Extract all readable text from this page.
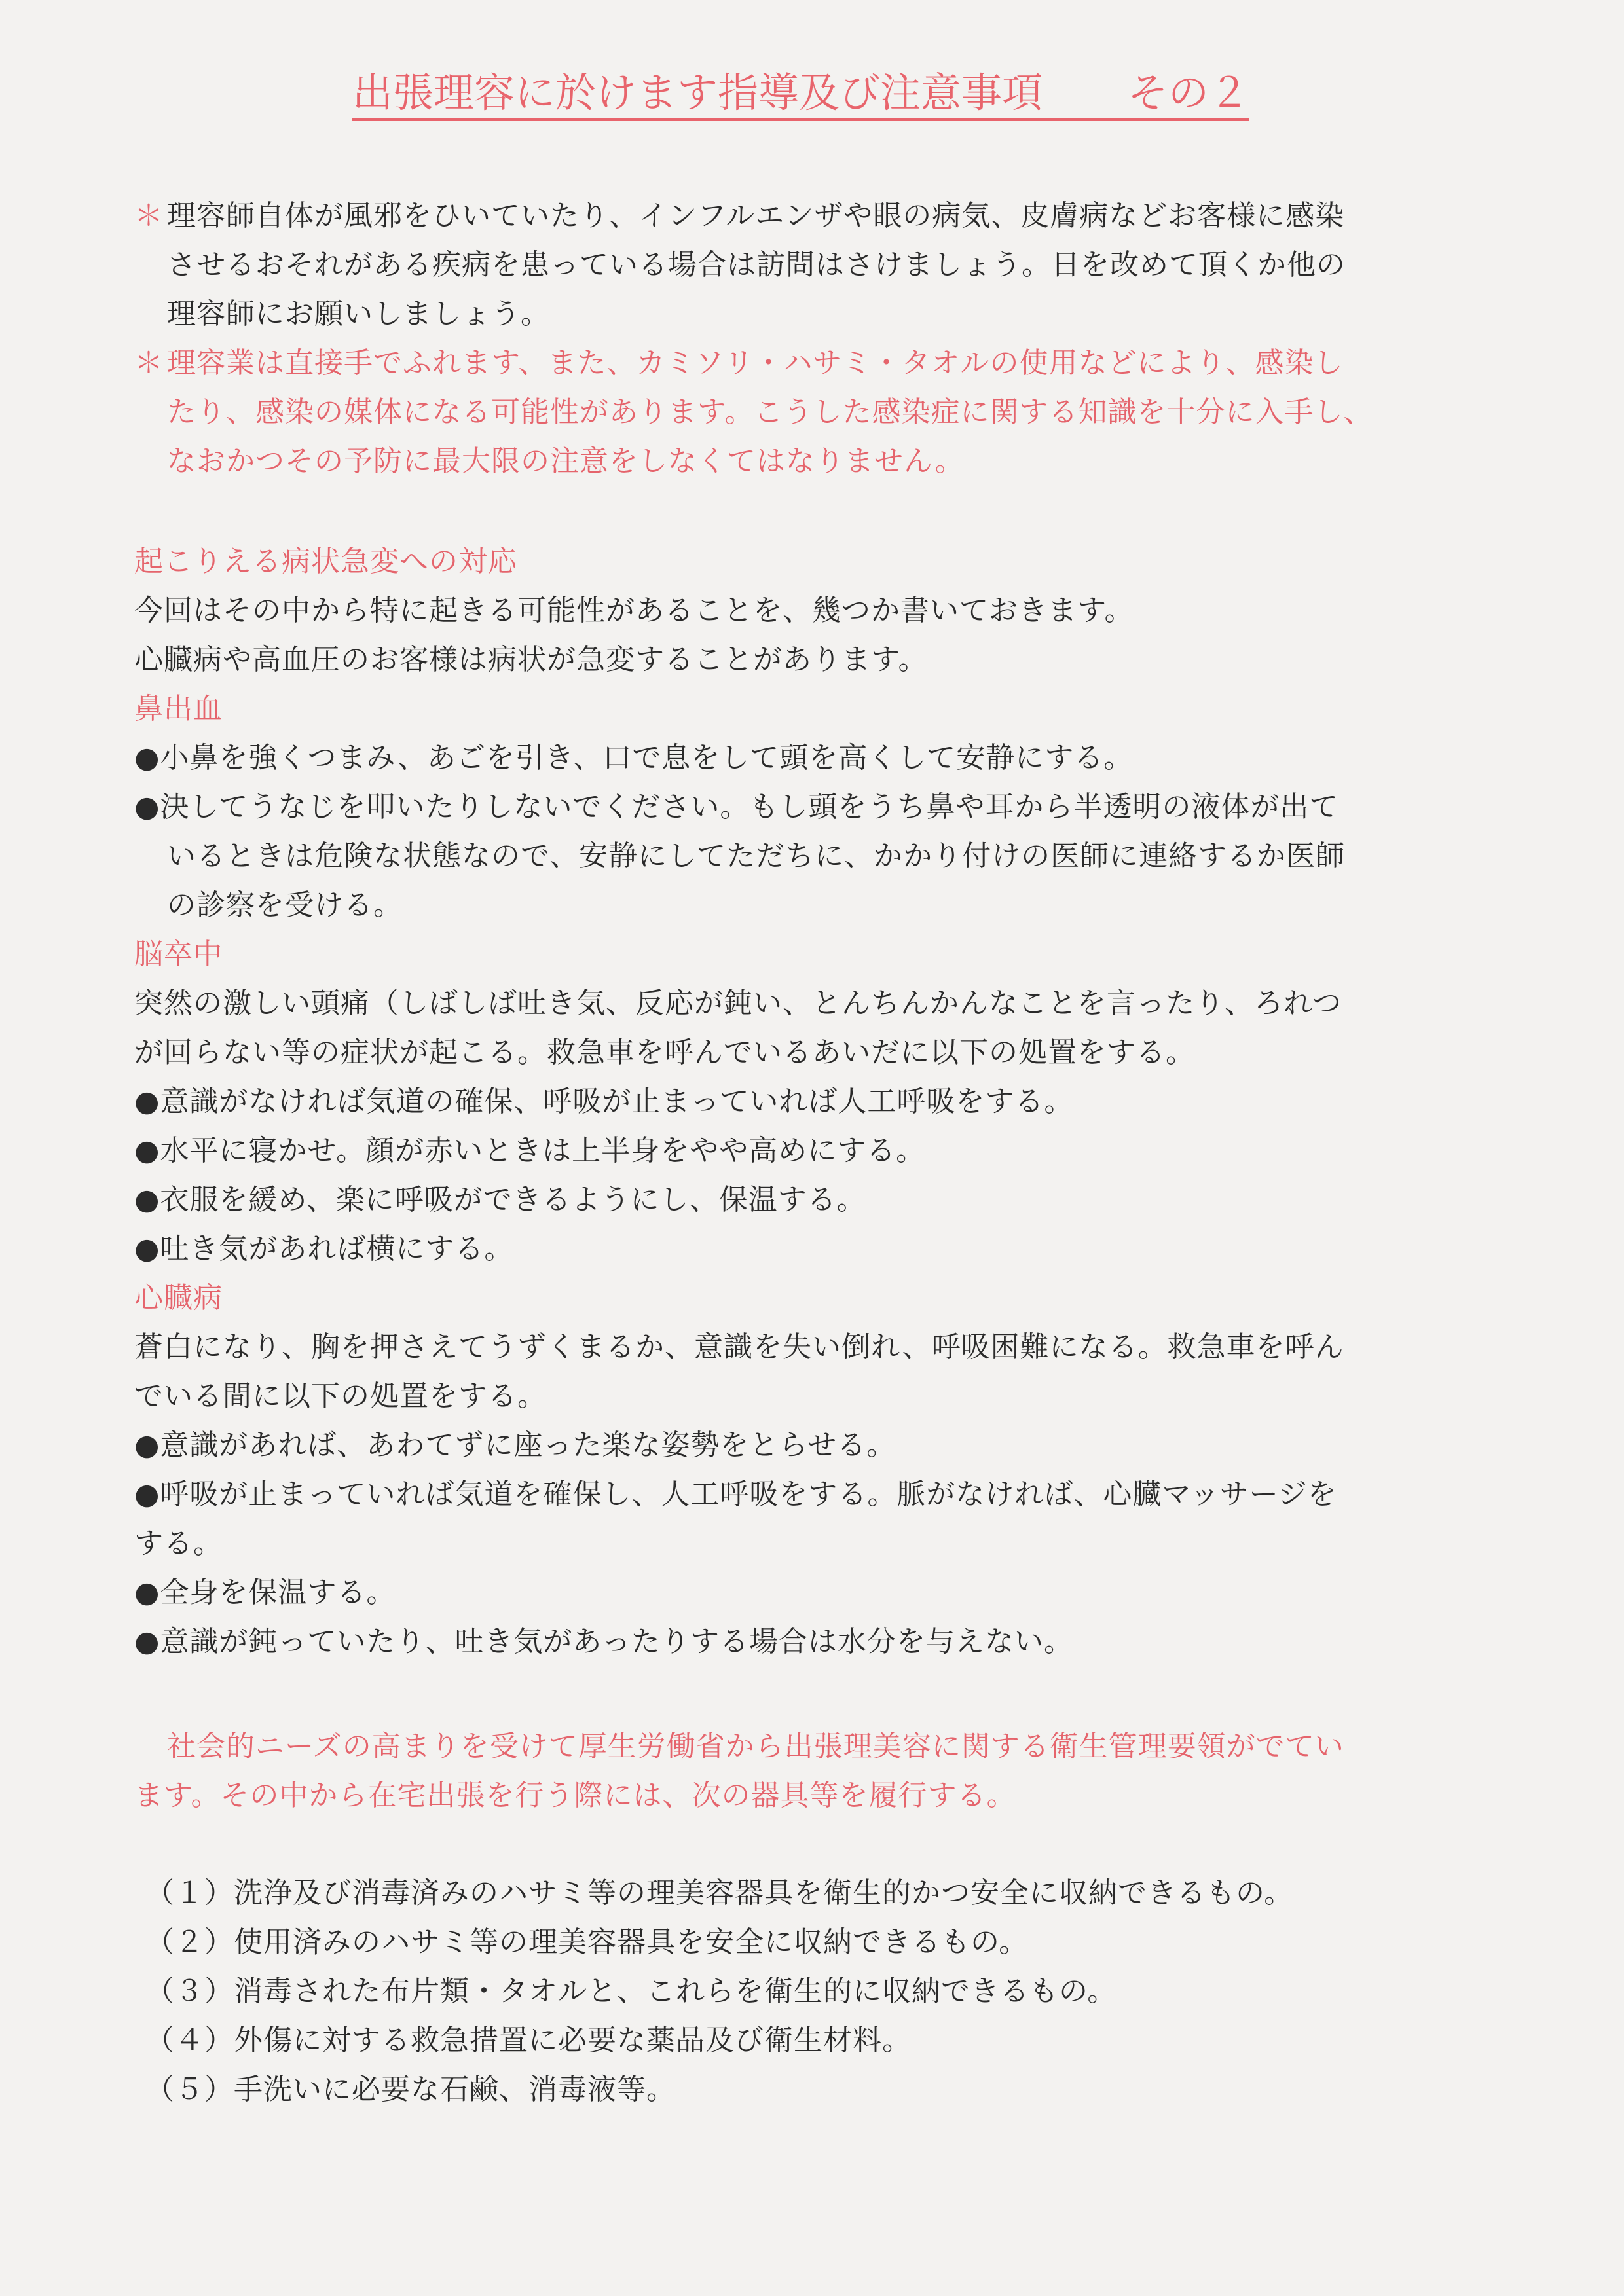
出張理容に於けます指導及び注意事項 その２
＊ 理容師自体が風邪をひいていたり、インフルエンザや眼の病気、皮膚病などお客様に感染
させるおそれがある疾病を患っている場合は訪問はさけましょう。日を改めて頂くか他の
理容師にお願いしましょう。
＊ 理容業は直接手でふれます、また、カミソリ・ハサミ・タオルの使用などにより、感染し
たり、感染の媒体になる可能性があります。こうした感染症に関する知識を十分に入手し、
なおかつその予防に最大限の注意をしなくてはなりません。
起こりえる病状急変への対応
今回はその中から特に起きる可能性があることを、幾つか書いておきます。
心臓病や高血圧のお客様は病状が急変することがあります。
鼻出血
●小鼻を強くつまみ、あごを引き、口で息をして頭を高くして安静にする。
●決してうなじを叩いたりしないでください。もし頭をうち鼻や耳から半透明の液体が出て
いるときは危険な状態なので、安静にしてただちに、かかり付けの医師に連絡するか医師
の診察を受ける。
脳卒中
突然の激しい頭痛（しばしば吐き気、反応が鈍い、とんちんかんなことを言ったり、ろれつ
が回らない等の症状が起こる。救急車を呼んでいるあいだに以下の処置をする。
●意識がなければ気道の確保、呼吸が止まっていれば人工呼吸をする。
●水平に寝かせ。顔が赤いときは上半身をやや高めにする。
●衣服を緩め、楽に呼吸ができるようにし、保温する。
●吐き気があれば横にする。
心臓病
蒼白になり、胸を押さえてうずくまるか、意識を失い倒れ、呼吸困難になる。救急車を呼ん
でいる間に以下の処置をする。
●意識があれば、あわてずに座った楽な姿勢をとらせる。
●呼吸が止まっていれば気道を確保し、人工呼吸をする。脈がなければ、心臓マッサージを
する。
●全身を保温する。
●意識が鈍っていたり、吐き気があったりする場合は水分を与えない。
社会的ニーズの高まりを受けて厚生労働省から出張理美容に関する衛生管理要領がでてい
ます。その中から在宅出張を行う際には、次の器具等を履行する。
（１）洗浄及び消毒済みのハサミ等の理美容器具を衛生的かつ安全に収納できるもの。
（２）使用済みのハサミ等の理美容器具を安全に収納できるもの。
（３）消毒された布片類・タオルと、これらを衛生的に収納できるもの。
（４）外傷に対する救急措置に必要な薬品及び衛生材料。
（５）手洗いに必要な石鹸、消毒液等。
